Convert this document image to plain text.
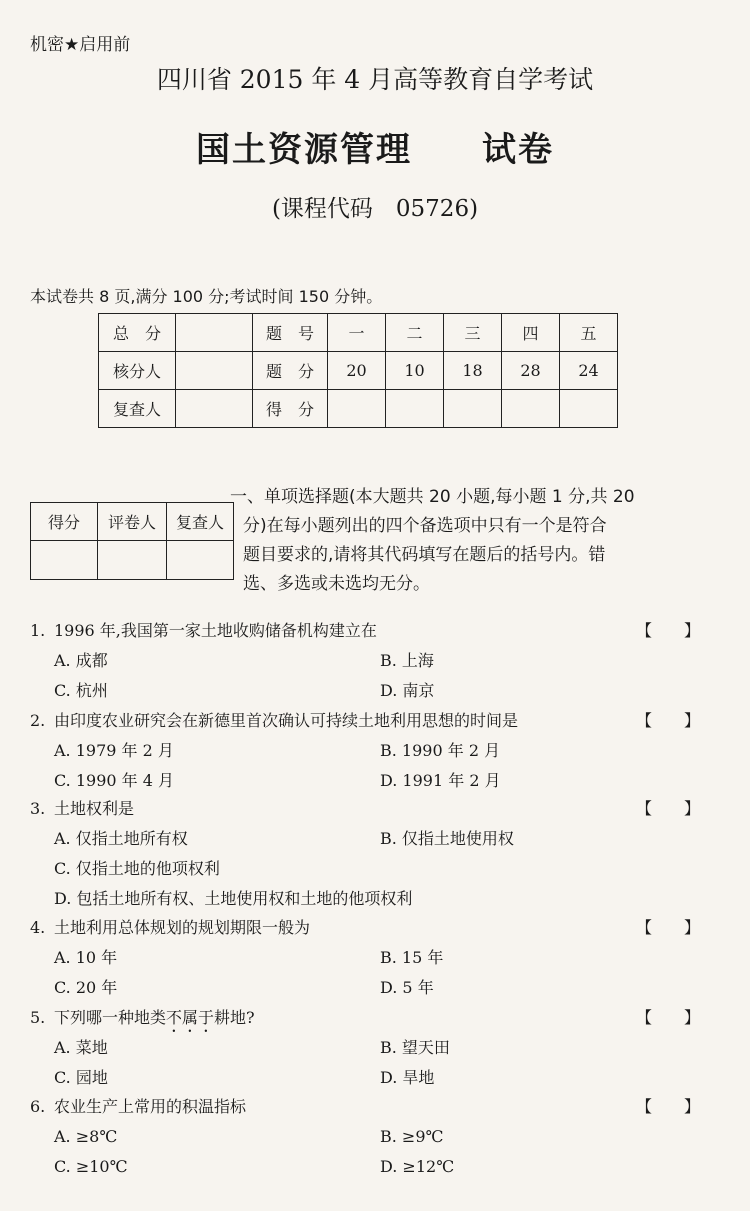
机密★启用前
四川省 2015 年 4 月高等教育自学考试
国土资源管理 试卷
(课程代码　05726)
本试卷共 8 页,满分 100 分;考试时间 150 分钟。
总　分		题　号	一	二	三	四	五
核分人		题　分	20	10	18	28	24
复查人		得　分					
得分	评卷人	复查人

一、单项选择题(本大题共 20 小题,每小题 1 分,共 20

分)在每小题列出的四个备选项中只有一个是符合

题目要求的,请将其代码填写在题后的括号内。错

选、多选或未选均无分。

1. 1996 年,我国第一家土地收购储备机构建立在	【　　】
A. 成都	B. 上海
C. 杭州	D. 南京
2. 由印度农业研究会在新德里首次确认可持续土地利用思想的时间是	【　　】
A. 1979 年 2 月	B. 1990 年 2 月
C. 1990 年 4 月	D. 1991 年 2 月
3. 土地权利是	【　　】
A. 仅指土地所有权	B. 仅指土地使用权
C. 仅指土地的他项权利
D. 包括土地所有权、土地使用权和土地的他项权利
4. 土地利用总体规划的规划期限一般为	【　　】
A. 10 年	B. 15 年
C. 20 年	D. 5 年
5. 下列哪一种地类不属于耕地?	【　　】
A. 菜地	B. 望天田
C. 园地	D. 旱地
6. 农业生产上常用的积温指标	【　　】
A. ≥8℃	B. ≥9℃
C. ≥10℃	D. ≥12℃
